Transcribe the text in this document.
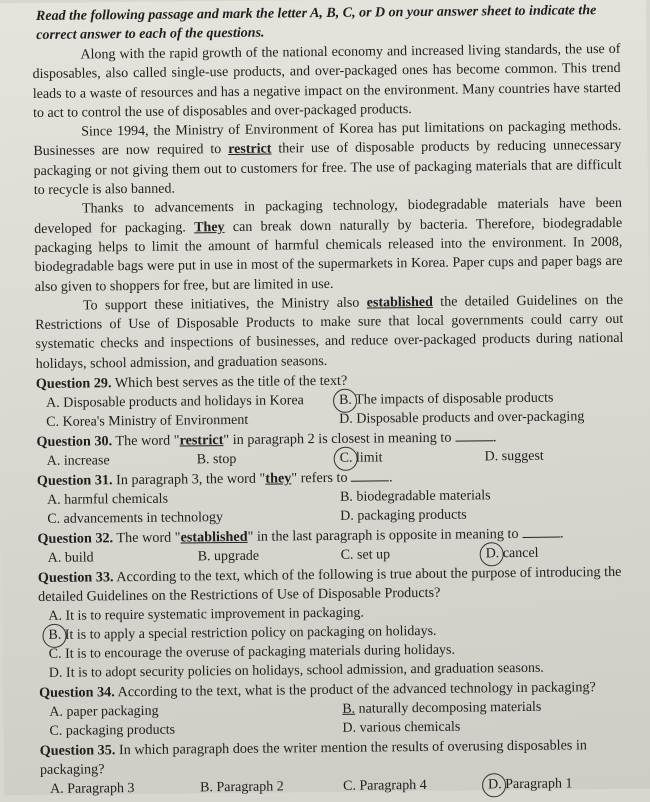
Read the following passage and mark the letter A, B, C, or D on your answer sheet to indicate the correct answer to each of the questions.

Along with the rapid growth of the national economy and increased living standards, the use of disposables, also called single-use products, and over-packaged ones has become common. This trend leads to a waste of resources and has a negative impact on the environment. Many countries have started to act to control the use of disposables and over-packaged products.

Since 1994, the Ministry of Environment of Korea has put limitations on packaging methods. Businesses are now required to restrict their use of disposable products by reducing unnecessary packaging or not giving them out to customers for free. The use of packaging materials that are difficult to recycle is also banned.

Thanks to advancements in packaging technology, biodegradable materials have been developed for packaging. They can break down naturally by bacteria. Therefore, biodegradable packaging helps to limit the amount of harmful chemicals released into the environment. In 2008, biodegradable bags were put in use in most of the supermarkets in Korea. Paper cups and paper bags are also given to shoppers for free, but are limited in use.

To support these initiatives, the Ministry also established the detailed Guidelines on the Restrictions of Use of Disposable Products to make sure that local governments could carry out systematic checks and inspections of businesses, and reduce over-packaged products during national holidays, school admission, and graduation seasons.

Question 29. Which best serves as the title of the text?
A. Disposable products and holidays in Korea	B. The impacts of disposable products
C. Korea's Ministry of Environment	D. Disposable products and over-packaging
Question 30. The word "restrict" in paragraph 2 is closest in meaning to	.
A. increase	B. stop	C. limit	D. suggest
Question 31. In paragraph 3, the word "they" refers to	.
A. harmful chemicals	B. biodegradable materials
C. advancements in technology	D. packaging products
Question 32. The word "established" in the last paragraph is opposite in meaning to	.
A. build	B. upgrade	C. set up	D. cancel
Question 33. According to the text, which of the following is true about the purpose of introducing the detailed Guidelines on the Restrictions of Use of Disposable Products?
A. It is to require systematic improvement in packaging.
B. It is to apply a special restriction policy on packaging on holidays.
C. It is to encourage the overuse of packaging materials during holidays.
D. It is to adopt security policies on holidays, school admission, and graduation seasons.
Question 34. According to the text, what is the product of the advanced technology in packaging?
A. paper packaging	B. naturally decomposing materials
C. packaging products	D. various chemicals
Question 35. In which paragraph does the writer mention the results of overusing disposables in packaging?
A. Paragraph 3	B. Paragraph 2	C. Paragraph 4	D. Paragraph 1
